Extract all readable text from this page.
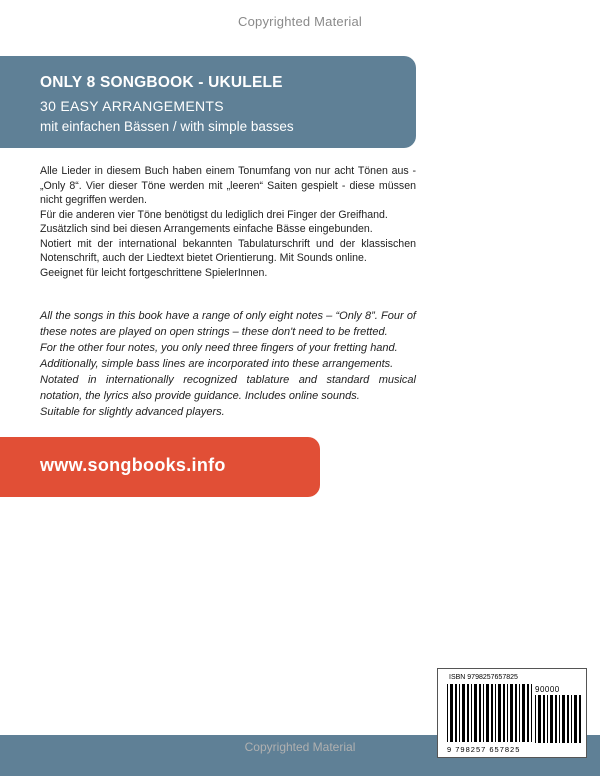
Copyrighted Material
ONLY 8 SONGBOOK - UKULELE
30 EASY ARRANGEMENTS
mit einfachen Bässen / with simple basses

Alle Lieder in diesem Buch haben einem Tonumfang von nur acht Tönen aus - „Only 8“. Vier dieser Töne werden mit „leeren“ Saiten gespielt - diese müssen nicht gegriffen werden.

Für die anderen vier Töne benötigst du lediglich drei Finger der Greifhand.

Zusätzlich sind bei diesen Arrangements einfache Bässe eingebunden.

Notiert mit der international bekannten Tabulaturschrift und der klassischen Notenschrift, auch der Liedtext bietet Orientierung. Mit Sounds online.

Geeignet für leicht fortgeschrittene SpielerInnen.

All the songs in this book have a range of only eight notes – “Only 8”. Four of these notes are played on open strings – these don't need to be fretted.

For the other four notes, you only need three fingers of your fretting hand.

Additionally, simple bass lines are incorporated into these arrangements.

Notated in internationally recognized tablature and standard musical notation, the lyrics also provide guidance. Includes online sounds.

Suitable for slightly advanced players.

www.songbooks.info
Copyrighted Material
ISBN 9798257657825
90000
9 798257 657825
